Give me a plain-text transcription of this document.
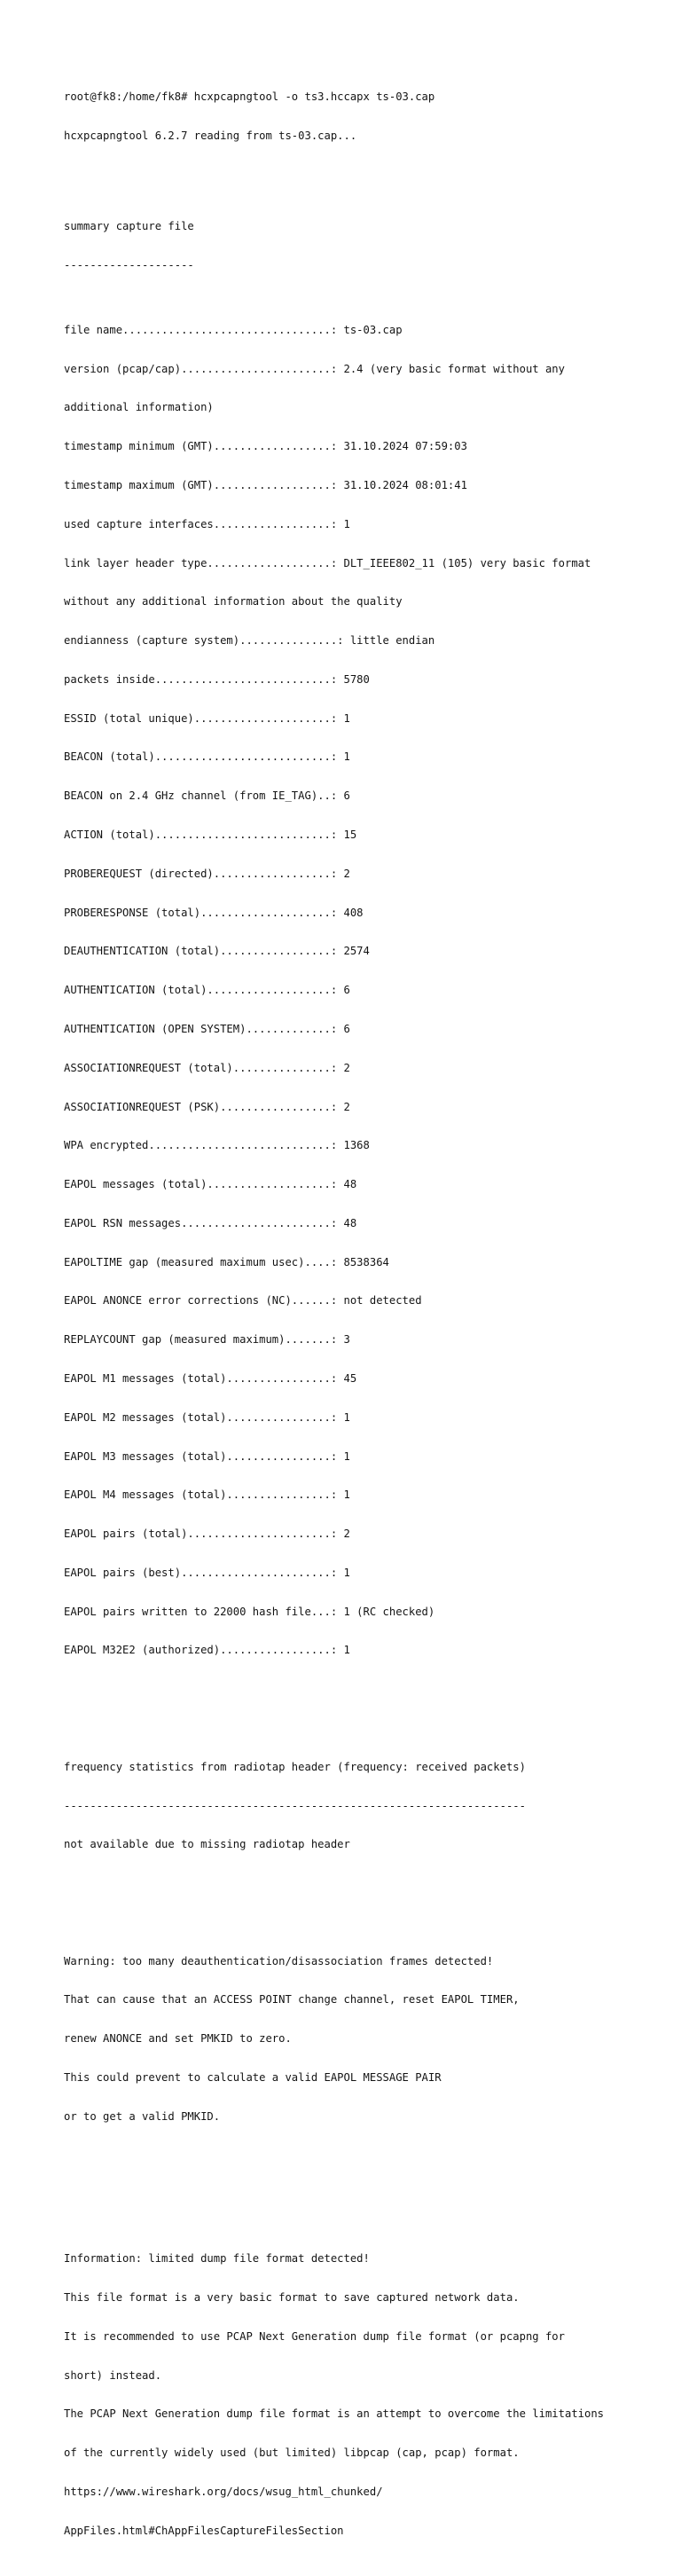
root@fk8:/home/fk8# hcxpcapngtool -o ts3.hccapx ts-03.cap

hcxpcapngtool 6.2.7 reading from ts-03.cap...

summary capture file

--------------------

file name................................: ts-03.cap

version (pcap/cap).......................: 2.4 (very basic format without any

additional information)

timestamp minimum (GMT)..................: 31.10.2024 07:59:03

timestamp maximum (GMT)..................: 31.10.2024 08:01:41

used capture interfaces..................: 1

link layer header type...................: DLT_IEEE802_11 (105) very basic format

without any additional information about the quality

endianness (capture system)...............: little endian

packets inside...........................: 5780

ESSID (total unique).....................: 1

BEACON (total)...........................: 1

BEACON on 2.4 GHz channel (from IE_TAG)..: 6

ACTION (total)...........................: 15

PROBEREQUEST (directed)..................: 2

PROBERESPONSE (total)....................: 408

DEAUTHENTICATION (total).................: 2574

AUTHENTICATION (total)...................: 6

AUTHENTICATION (OPEN SYSTEM).............: 6

ASSOCIATIONREQUEST (total)...............: 2

ASSOCIATIONREQUEST (PSK).................: 2

WPA encrypted............................: 1368

EAPOL messages (total)...................: 48

EAPOL RSN messages.......................: 48

EAPOLTIME gap (measured maximum usec)....: 8538364

EAPOL ANONCE error corrections (NC)......: not detected

REPLAYCOUNT gap (measured maximum).......: 3

EAPOL M1 messages (total)................: 45

EAPOL M2 messages (total)................: 1

EAPOL M3 messages (total)................: 1

EAPOL M4 messages (total)................: 1

EAPOL pairs (total)......................: 2

EAPOL pairs (best).......................: 1

EAPOL pairs written to 22000 hash file...: 1 (RC checked)

EAPOL M32E2 (authorized).................: 1

frequency statistics from radiotap header (frequency: received packets)

-----------------------------------------------------------------------

not available due to missing radiotap header

Warning: too many deauthentication/disassociation frames detected!

That can cause that an ACCESS POINT change channel, reset EAPOL TIMER,

renew ANONCE and set PMKID to zero.

This could prevent to calculate a valid EAPOL MESSAGE PAIR

or to get a valid PMKID.

Information: limited dump file format detected!

This file format is a very basic format to save captured network data.

It is recommended to use PCAP Next Generation dump file format (or pcapng for

short) instead.

The PCAP Next Generation dump file format is an attempt to overcome the limitations

of the currently widely used (but limited) libpcap (cap, pcap) format.

https://www.wireshark.org/docs/wsug_html_chunked/

AppFiles.html#ChAppFilesCaptureFilesSection
